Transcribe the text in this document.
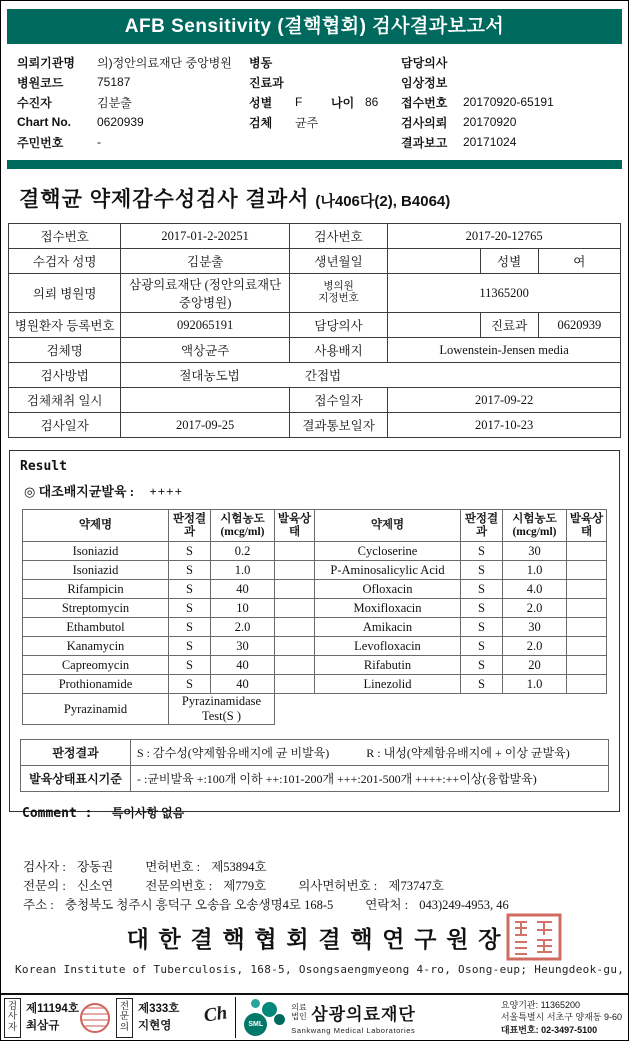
AFB Sensitivity (결핵협회) 검사결과보고서
의뢰기관명	의)정안의료재단 중앙병원	병동
병원코드	75187	진료과
수진자	김분출	성별	F	나이 86
Chart No.	0620939	검체	균주
주민번호	-
담당의사
임상정보
접수번호	20170920-65191
검사의뢰	20170920
결과보고	20171024
결핵균 약제감수성검사 결과서 (나406다(2), B4064)
접수번호	2017-01-2-20251	검사번호	2017-20-12765		
수검자 성명	김분출	생년월일		성별	여
의뢰 병원명	삼광의료재단 (정안의료재단중앙병원)	병의원
지정번호	11365200		
병원환자 등록번호	092065191	담당의사		진료과	0620939
검체명	액상균주	사용배지	Lowenstein-Jensen media		
검사방법	절대농도법 간접법				
검체채취 일시		접수일자	2017-09-22		
검사일자	2017-09-25	결과통보일자	2017-10-23		
Result
◎ 대조배지균발육 : ++++
약제명	판정결과	시험농도 (mcg/ml)	발육상태
Isoniazid	S	0.2	
Isoniazid	S	1.0	
Rifampicin	S	40	
Streptomycin	S	10	
Ethambutol	S	2.0	
Kanamycin	S	30	
Capreomycin	S	40	
Prothionamide	S	40	
Pyrazinamid	Pyrazinamidase Test(S )		
약제명	판정결과	시험농도 (mcg/ml)	발육상태
Cycloserine	S	30	
P-Aminosalicylic Acid	S	1.0	
Ofloxacin	S	4.0	
Moxifloxacin	S	2.0	
Amikacin	S	30	
Levofloxacin	S	2.0	
Rifabutin	S	20	
Linezolid	S	1.0	
판정결과	S : 감수성(약제함유배지에 균 비발육) R : 내성(약제함유배지에 + 이상 균발육)
발육상태표시기준	- :균비발육 +:100개 이하 ++:101-200개 +++:201-500개 ++++:++이상(융합발육)
Comment : 특이사항 없음
검사자 : 장동권	면허번호 : 제53894호
전문의 : 신소연	전문의번호 : 제779호	의사면허번호 : 제73747호
주소 : 충청북도 청주시 흥덕구 오송읍 오송생명4로 168-5	연락처 : 043)249-4953, 46
대 한 결 핵 협 회 결 핵 연 구 원 장
Korean Institute of Tuberculosis, 168-5, Osongsaengmyeong 4-ro, Osong-eup; Heungdeok-gu,
검사자
제11194호
최삼규
전문의
제333호
지현영	Ch	SML
의료법인 삼광의료재단
Sankwang Medical Laboratories
요양기관: 11365200
서울특별시 서초구 양재동 9-60
대표번호: 02-3497-5100
